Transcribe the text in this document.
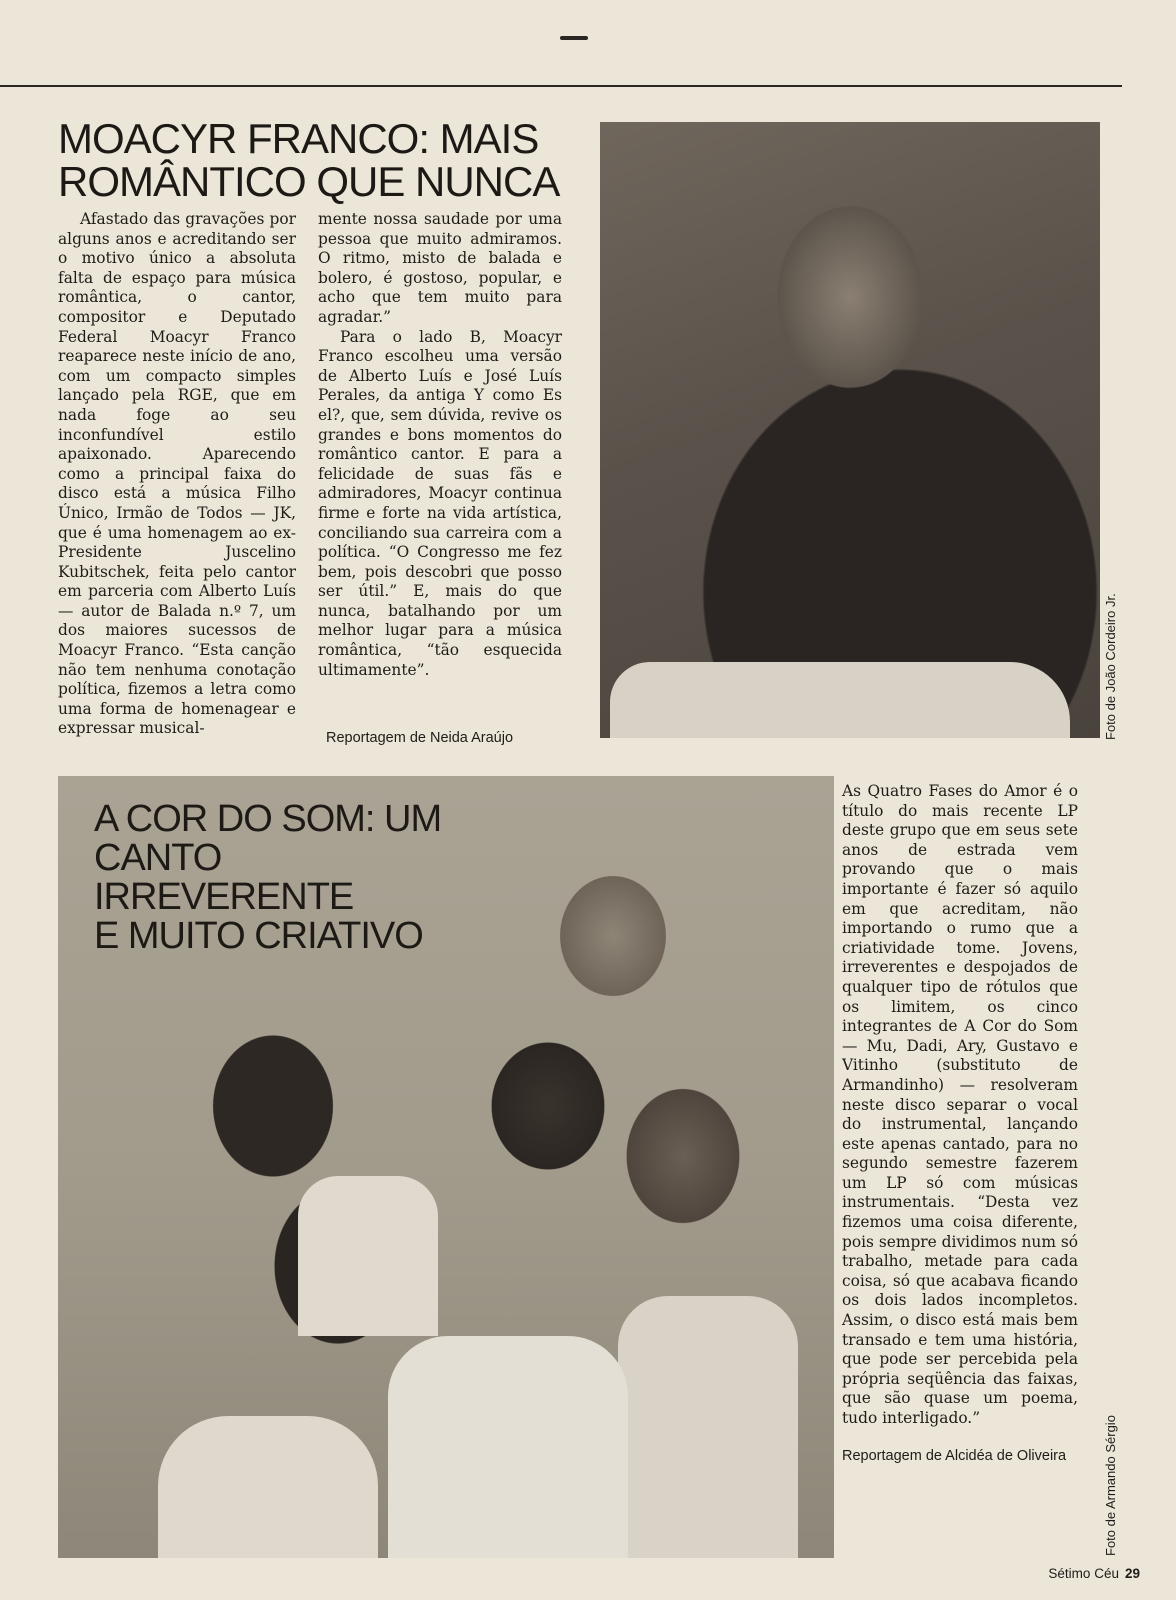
MOACYR FRANCO: MAIS
ROMÂNTICO QUE NUNCA

Afastado das gravações por alguns anos e acreditando ser o motivo único a absoluta falta de espaço para música romântica, o cantor, compositor e Deputado Federal Moacyr Franco reaparece neste início de ano, com um compacto simples lançado pela RGE, que em nada foge ao seu inconfundível estilo apaixonado. Aparecendo como a principal faixa do disco está a música Filho Único, Irmão de Todos — JK, que é uma homenagem ao ex-Presidente Juscelino Kubitschek, feita pelo cantor em parceria com Alberto Luís — autor de Balada n.º 7, um dos maiores sucessos de Moacyr Franco. “Esta canção não tem nenhuma conotação política, fizemos a letra como uma forma de homenagear e expressar musical-

mente nossa saudade por uma pessoa que muito admiramos. O ritmo, misto de balada e bolero, é gostoso, popular, e acho que tem muito para agradar.”

Para o lado B, Moacyr Franco escolheu uma versão de Alberto Luís e José Luís Perales, da antiga Y como Es el?, que, sem dúvida, revive os grandes e bons momentos do romântico cantor. E para a felicidade de suas fãs e admiradores, Moacyr continua firme e forte na vida artística, conciliando sua carreira com a política. “O Congresso me fez bem, pois descobri que posso ser útil.” E, mais do que nunca, batalhando por um melhor lugar para a música romântica, “tão esquecida ultimamente”.

Reportagem de Neida Araújo	Foto de João Cordeiro Jr.
A COR DO SOM: UM
CANTO IRREVERENTE
E MUITO CRIATIVO

As Quatro Fases do Amor é o título do mais recente LP deste grupo que em seus sete anos de estrada vem provando que o mais importante é fazer só aquilo em que acreditam, não importando o rumo que a criatividade tome. Jovens, irreverentes e despojados de qualquer tipo de rótulos que os limitem, os cinco integrantes de A Cor do Som — Mu, Dadi, Ary, Gustavo e Vitinho (substituto de Armandinho) — resolveram neste disco separar o vocal do instrumental, lançando este apenas cantado, para no segundo semestre fazerem um LP só com músicas instrumentais. “Desta vez fizemos uma coisa diferente, pois sempre dividimos num só trabalho, metade para cada coisa, só que acabava ficando os dois lados incompletos. Assim, o disco está mais bem transado e tem uma história, que pode ser percebida pela própria seqüência das faixas, que são quase um poema, tudo interligado.”

Reportagem de Alcidéa de Oliveira	Foto de Armando Sérgio
Sétimo Céu 29
